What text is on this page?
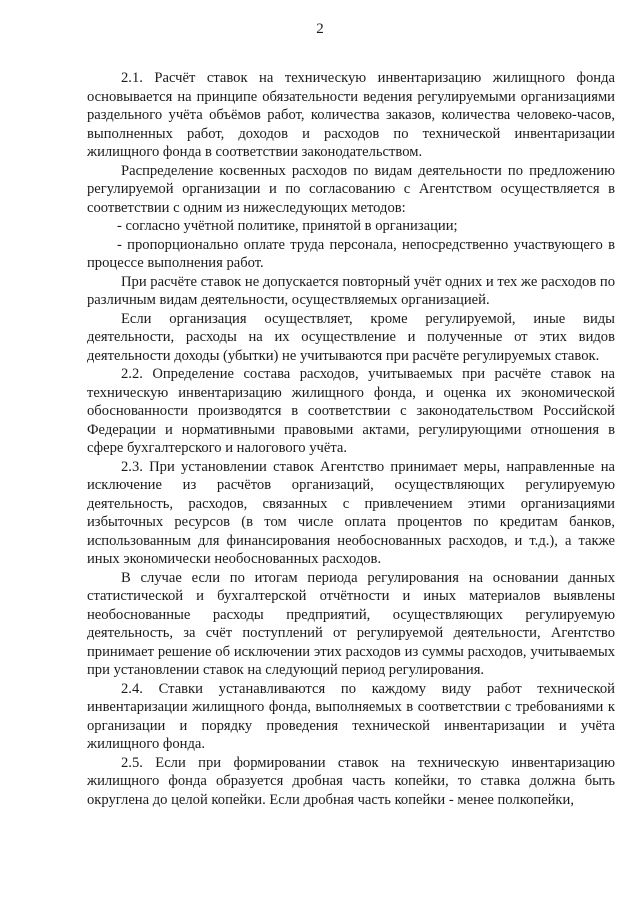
2

2.1. Расчёт ставок на техническую инвентаризацию жилищного фонда основывается на принципе обязательности ведения регулируемыми организациями раздельного учёта объёмов работ, количества заказов, количества человеко-часов, выполненных работ, доходов и расходов по технической инвентаризации жилищного фонда в соответствии законодательством.

Распределение косвенных расходов по видам деятельности по предложению регулируемой организации и по согласованию с Агентством осуществляется в соответствии с одним из нижеследующих методов:

- согласно учётной политике, принятой в организации;

- пропорционально оплате труда персонала, непосредственно участвующего в процессе выполнения работ.

При расчёте ставок не допускается повторный учёт одних и тех же расходов по различным видам деятельности, осуществляемых организацией.

Если организация осуществляет, кроме регулируемой, иные виды деятельности, расходы на их осуществление и полученные от этих видов деятельности доходы (убытки) не учитываются при расчёте регулируемых ставок.

2.2. Определение состава расходов, учитываемых при расчёте ставок на техническую инвентаризацию жилищного фонда, и оценка их экономической обоснованности производятся в соответствии с законодательством Российской Федерации и нормативными правовыми актами, регулирующими отношения в сфере бухгалтерского и налогового учёта.

2.3. При установлении ставок Агентство принимает меры, направленные на исключение из расчётов организаций, осуществляющих регулируемую деятельность, расходов, связанных с привлечением этими организациями избыточных ресурсов (в том числе оплата процентов по кредитам банков, использованным для финансирования необоснованных расходов, и т.д.), а также иных экономически необоснованных расходов.

В случае если по итогам периода регулирования на основании данных статистической и бухгалтерской отчётности и иных материалов выявлены необоснованные расходы предприятий, осуществляющих регулируемую деятельность, за счёт поступлений от регулируемой деятельности, Агентство принимает решение об исключении этих расходов из суммы расходов, учитываемых при установлении ставок на следующий период регулирования.

2.4. Ставки устанавливаются по каждому виду работ технической инвентаризации жилищного фонда, выполняемых в соответствии с требованиями к организации и порядку проведения технической инвентаризации и учёта жилищного фонда.

2.5. Если при формировании ставок на техническую инвентаризацию жилищного фонда образуется дробная часть копейки, то ставка должна быть округлена до целой копейки. Если дробная часть копейки - менее полкопейки,
